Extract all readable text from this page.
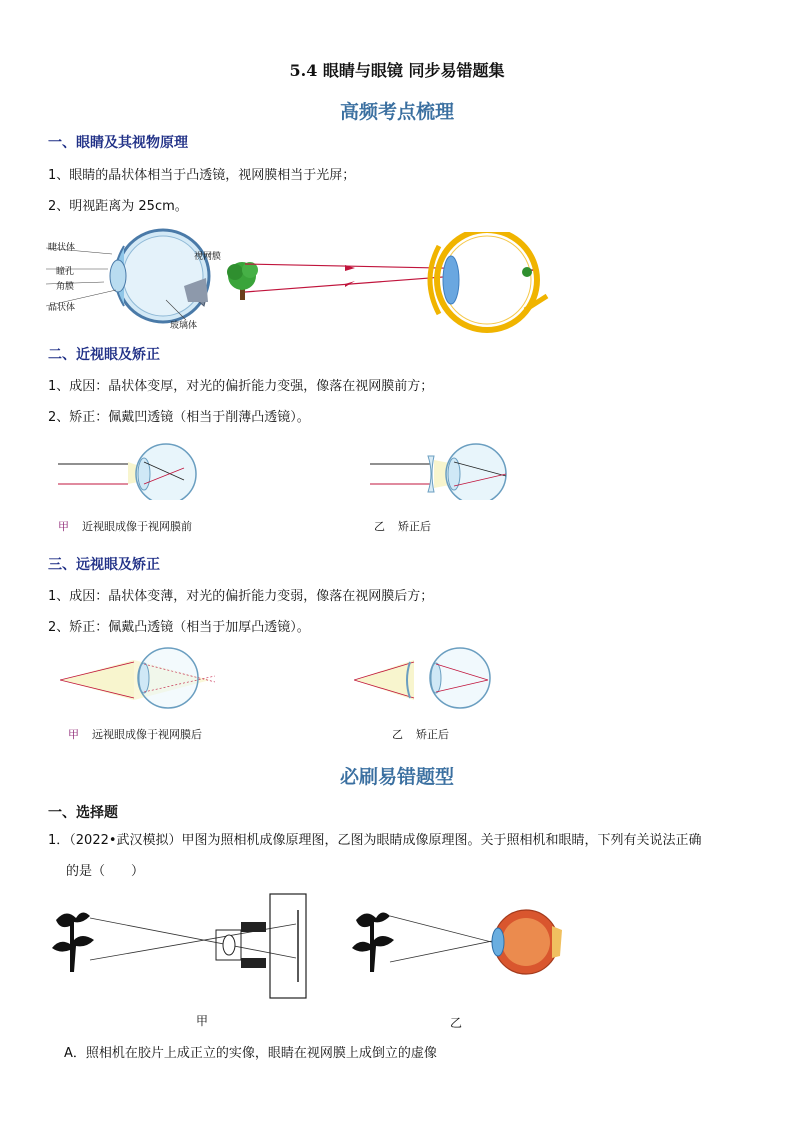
5.4 眼睛与眼镜 同步易错题集
高频考点梳理
一、眼睛及其视物原理
1、眼睛的晶状体相当于凸透镜，视网膜相当于光屏；
2、明视距离为 25cm。
睫状体
视网膜
瞳孔
角膜
晶状体
玻璃体
二、近视眼及矫正
1、成因：晶状体变厚，对光的偏折能力变强，像落在视网膜前方；
2、矫正：佩戴凹透镜（相当于削薄凸透镜）。
甲 近视眼成像于视网膜前	乙 矫正后
三、远视眼及矫正
1、成因：晶状体变薄，对光的偏折能力变弱，像落在视网膜后方；
2、矫正：佩戴凸透镜（相当于加厚凸透镜）。
甲 远视眼成像于视网膜后	乙 矫正后
必刷易错题型
一、选择题
1．（2022•武汉模拟）甲图为照相机成像原理图，乙图为眼睛成像原理图。关于照相机和眼睛，下列有关说法正确
的是（　　）
甲	乙
A．照相机在胶片上成正立的实像，眼睛在视网膜上成倒立的虚像
